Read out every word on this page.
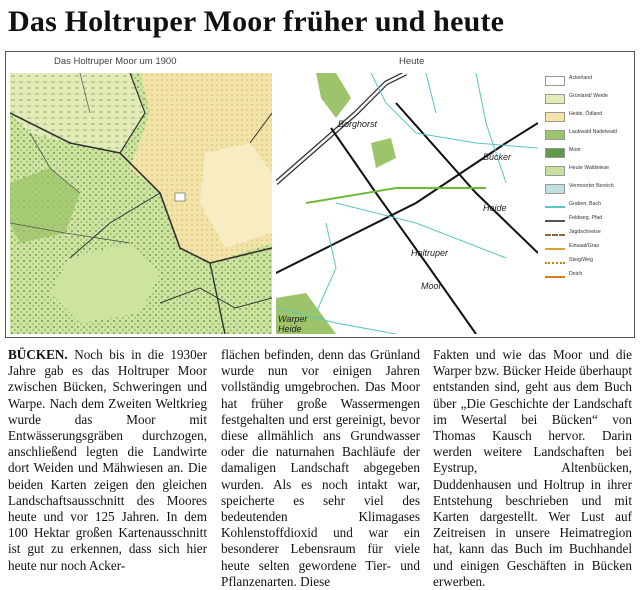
Das Holtruper Moor früher und heute
Das Holtruper Moor um 1900	Heute
Borghorst
Bücker
Heide
Holtruper
Moor
Warper
Heide
Ackerland
Grünland/ Weide
Heide, Ödland
Laubwald Nadelwald
Moor
Heute Waldwiese
Vermoorter Bereich
Graben, Bach
Feldweg, Pfad
Jagdschneise
Einsaat/Gras
Steig/Weg
Deich

BÜCKEN. Noch bis in die 1930er Jahre gab es das Holtruper Moor zwischen Bücken, Schweringen und Warpe. Nach dem Zweiten Weltkrieg wurde das Moor mit Entwässerungsgräben durchzogen, anschließend legten die Landwirte dort Weiden und Mähwiesen an. Die beiden Karten zeigen den gleichen Landschaftsausschnitt des Moores heute und vor 125 Jahren. In dem 100 Hektar großen Kartenausschnitt ist gut zu erkennen, dass sich hier heute nur noch Acker-

flächen befinden, denn das Grünland wurde nun vor einigen Jahren vollständig umgebrochen. Das Moor hat früher große Wassermengen festgehalten und erst gereinigt, bevor diese allmählich ans Grundwasser oder die naturnahen Bachläufe der damaligen Landschaft abgegeben wurden. Als es noch intakt war, speicherte es sehr viel des bedeutenden Klimagases Kohlenstoffdioxid und war ein besonderer Lebensraum für viele heute selten gewordene Tier- und Pflanzenarten. Diese

Fakten und wie das Moor und die Warper bzw. Bücker Heide überhaupt entstanden sind, geht aus dem Buch über „Die Geschichte der Landschaft im Wesertal bei Bücken“ von Thomas Kausch hervor. Darin werden weitere Landschaften bei Eystrup, Altenbücken, Duddenhausen und Holtrup in ihrer Entstehung beschrieben und mit Karten dargestellt. Wer Lust auf Zeitreisen in unsere Heimatregion hat, kann das Buch im Buchhandel und einigen Geschäften in Bücken erwerben.
